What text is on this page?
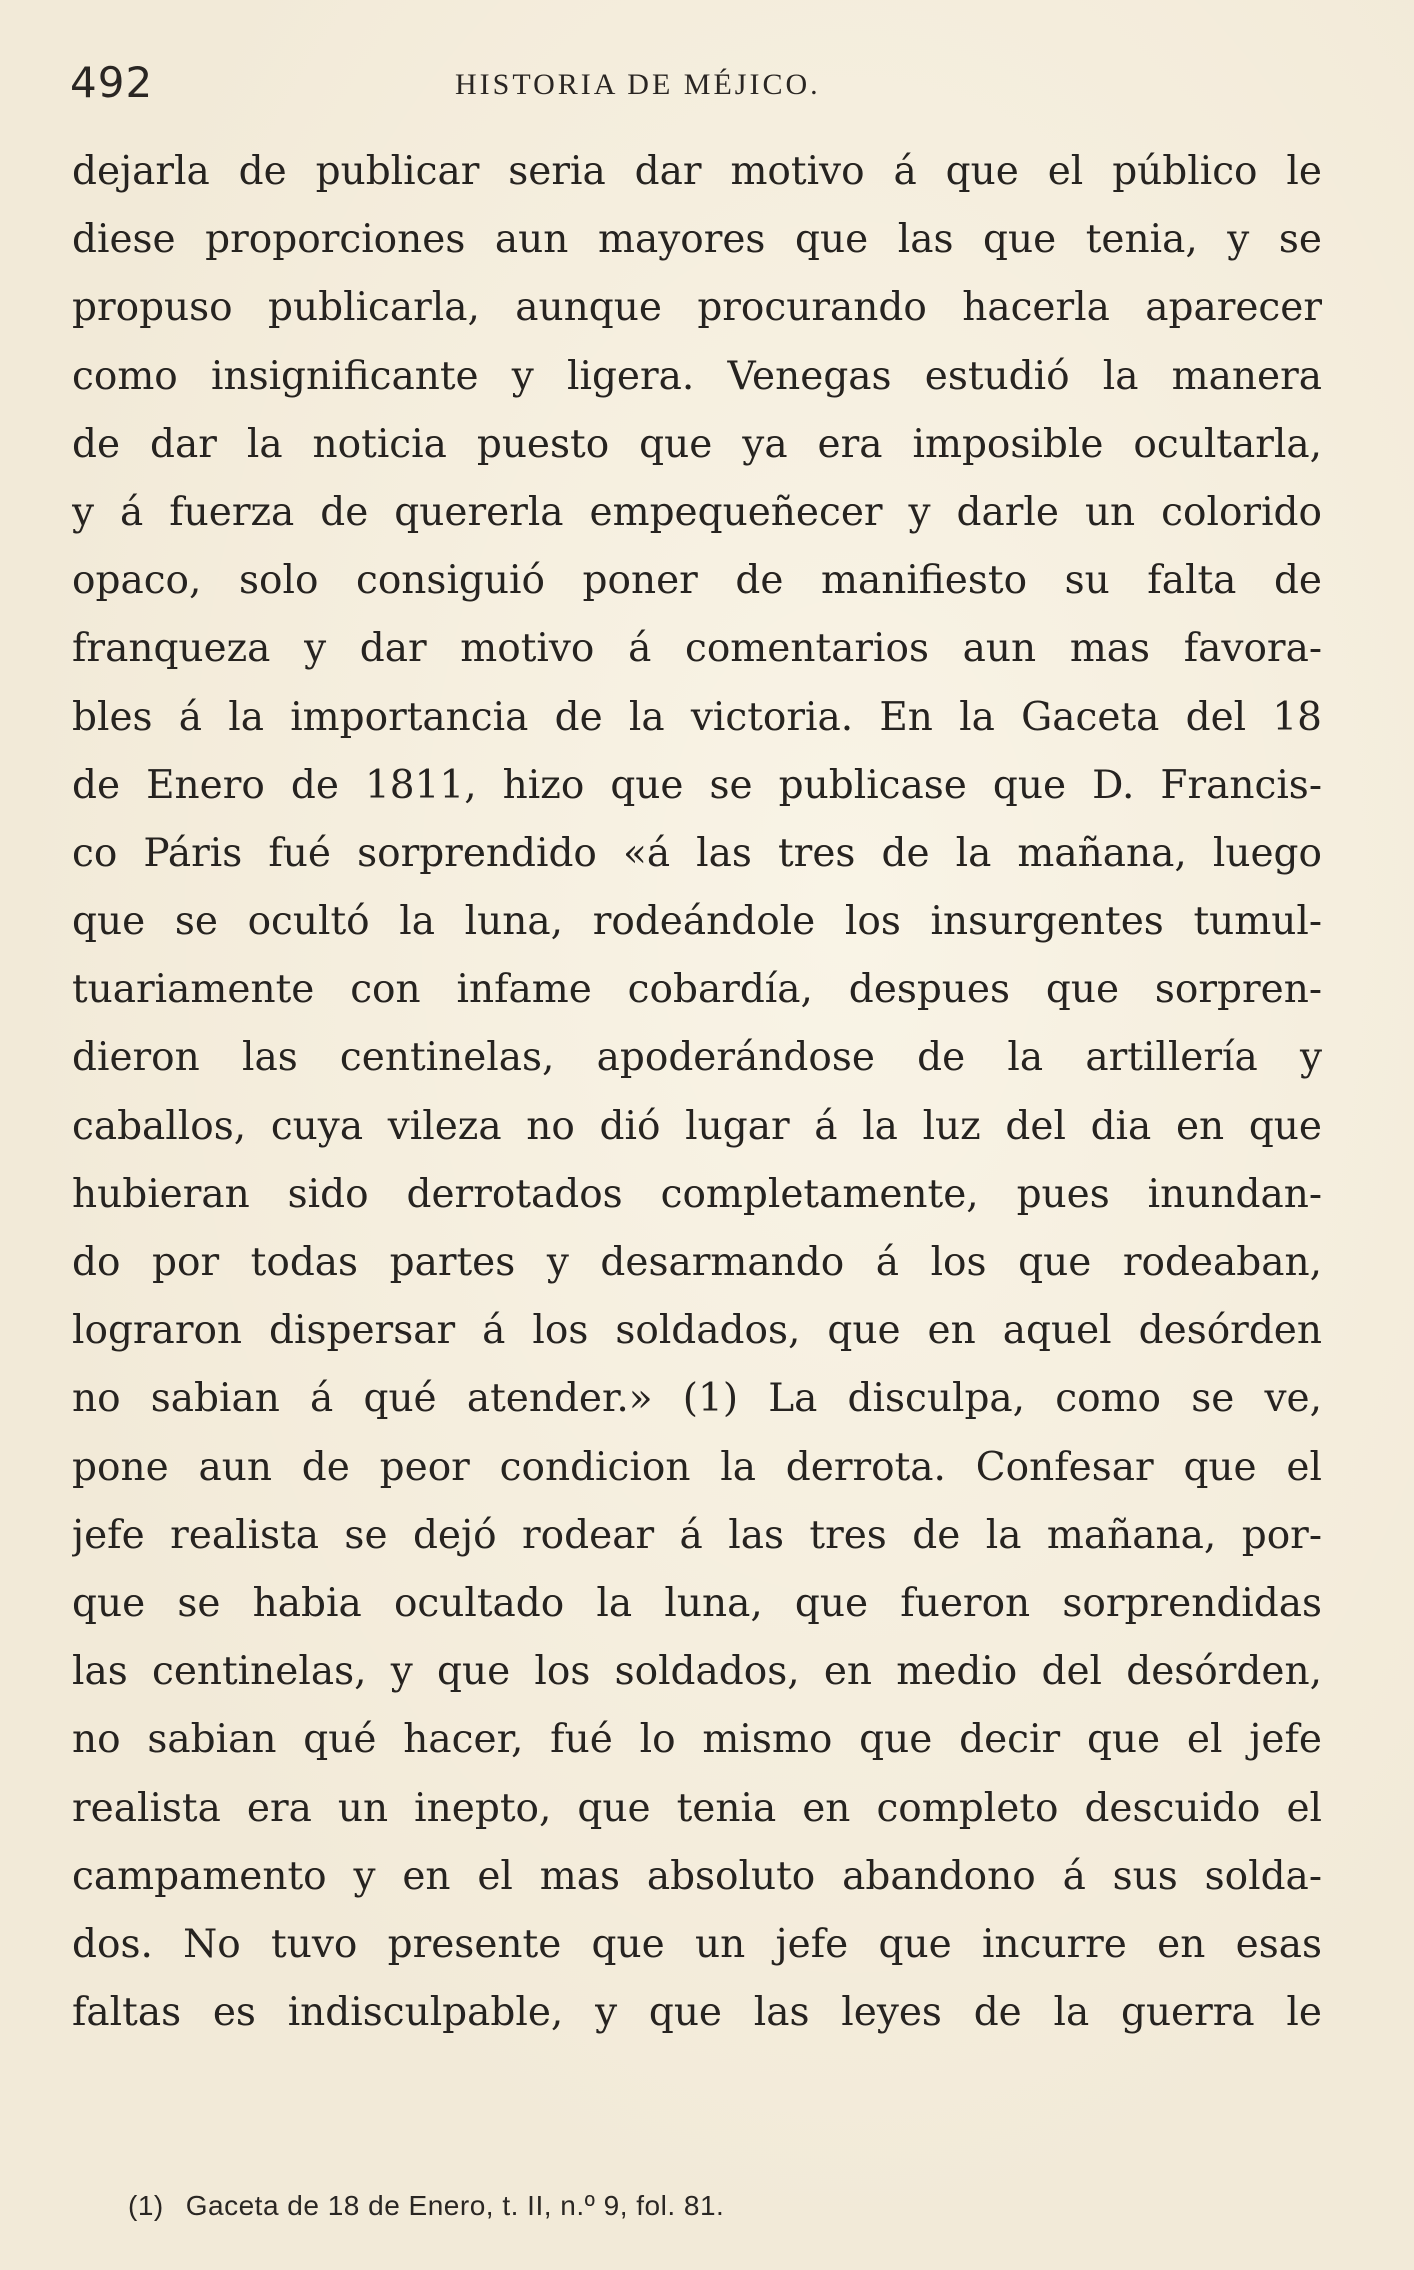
492	HISTORIA DE MÉJICO.
dejarla de publicar seria dar motivo á que el público le
diese proporciones aun mayores que las que tenia, y se
propuso publicarla, aunque procurando hacerla aparecer
como insignificante y ligera. Venegas estudió la manera
de dar la noticia puesto que ya era imposible ocultarla,
y á fuerza de quererla empequeñecer y darle un colorido
opaco, solo consiguió poner de manifiesto su falta de
franqueza y dar motivo á comentarios aun mas favora-
bles á la importancia de la victoria. En la Gaceta del 18
de Enero de 1811, hizo que se publicase que D. Francis-
co Páris fué sorprendido «á las tres de la mañana, luego
que se ocultó la luna, rodeándole los insurgentes tumul-
tuariamente con infame cobardía, despues que sorpren-
dieron las centinelas, apoderándose de la artillería y
caballos, cuya vileza no dió lugar á la luz del dia en que
hubieran sido derrotados completamente, pues inundan-
do por todas partes y desarmando á los que rodeaban,
lograron dispersar á los soldados, que en aquel desórden
no sabian á qué atender.» (1) La disculpa, como se ve,
pone aun de peor condicion la derrota. Confesar que el
jefe realista se dejó rodear á las tres de la mañana, por-
que se habia ocultado la luna, que fueron sorprendidas
las centinelas, y que los soldados, en medio del desórden,
no sabian qué hacer, fué lo mismo que decir que el jefe
realista era un inepto, que tenia en completo descuido el
campamento y en el mas absoluto abandono á sus solda-
dos. No tuvo presente que un jefe que incurre en esas
faltas es indisculpable, y que las leyes de la guerra le
(1) Gaceta de 18 de Enero, t. II, n.º 9, fol. 81.
